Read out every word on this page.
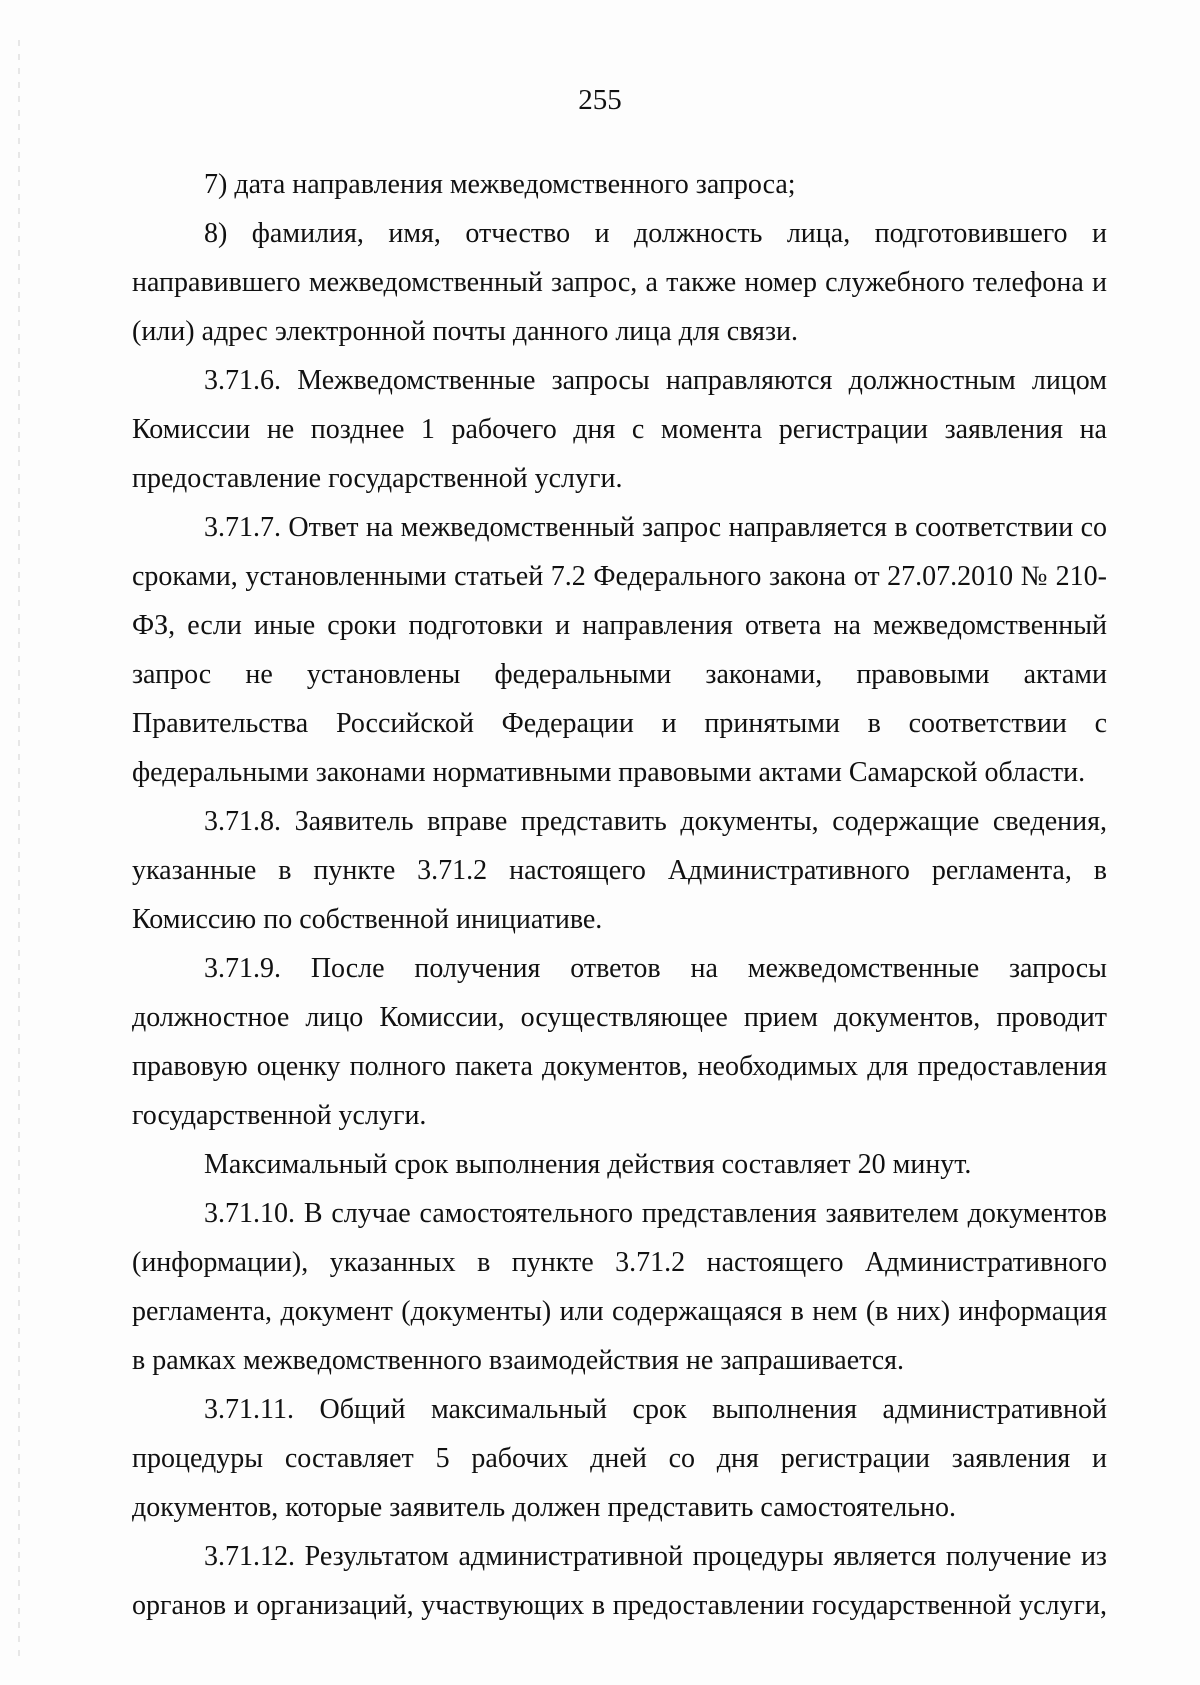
255

7) дата направления межведомственного запроса;

8) фамилия, имя, отчество и должность лица, подготовившего и направившего межведомственный запрос, а также номер служебного телефона и (или) адрес электронной почты данного лица для связи.

3.71.6. Межведомственные запросы направляются должностным лицом Комиссии не позднее 1 рабочего дня с момента регистрации заявления на предоставление государственной услуги.

3.71.7. Ответ на межведомственный запрос направляется в соответствии со сроками, установленными статьей 7.2 Федерального закона от 27.07.2010 № 210-ФЗ, если иные сроки подготовки и направления ответа на межведомственный запрос не установлены федеральными законами, правовыми актами Правительства Российской Федерации и принятыми в соответствии с федеральными законами нормативными правовыми актами Самарской области.

3.71.8. Заявитель вправе представить документы, содержащие сведения, указанные в пункте 3.71.2 настоящего Административного регламента, в Комиссию по собственной инициативе.

3.71.9. После получения ответов на межведомственные запросы должностное лицо Комиссии, осуществляющее прием документов, проводит правовую оценку полного пакета документов, необходимых для предоставления государственной услуги.

Максимальный срок выполнения действия составляет 20 минут.

3.71.10. В случае самостоятельного представления заявителем документов (информации), указанных в пункте 3.71.2 настоящего Административного регламента, документ (документы) или содержащаяся в нем (в них) информация в рамках межведомственного взаимодействия не запрашивается.

3.71.11. Общий максимальный срок выполнения административной процедуры составляет 5 рабочих дней со дня регистрации заявления и документов, которые заявитель должен представить самостоятельно.

3.71.12. Результатом административной процедуры является получение из органов и организаций, участвующих в предоставлении государственной услуги,
